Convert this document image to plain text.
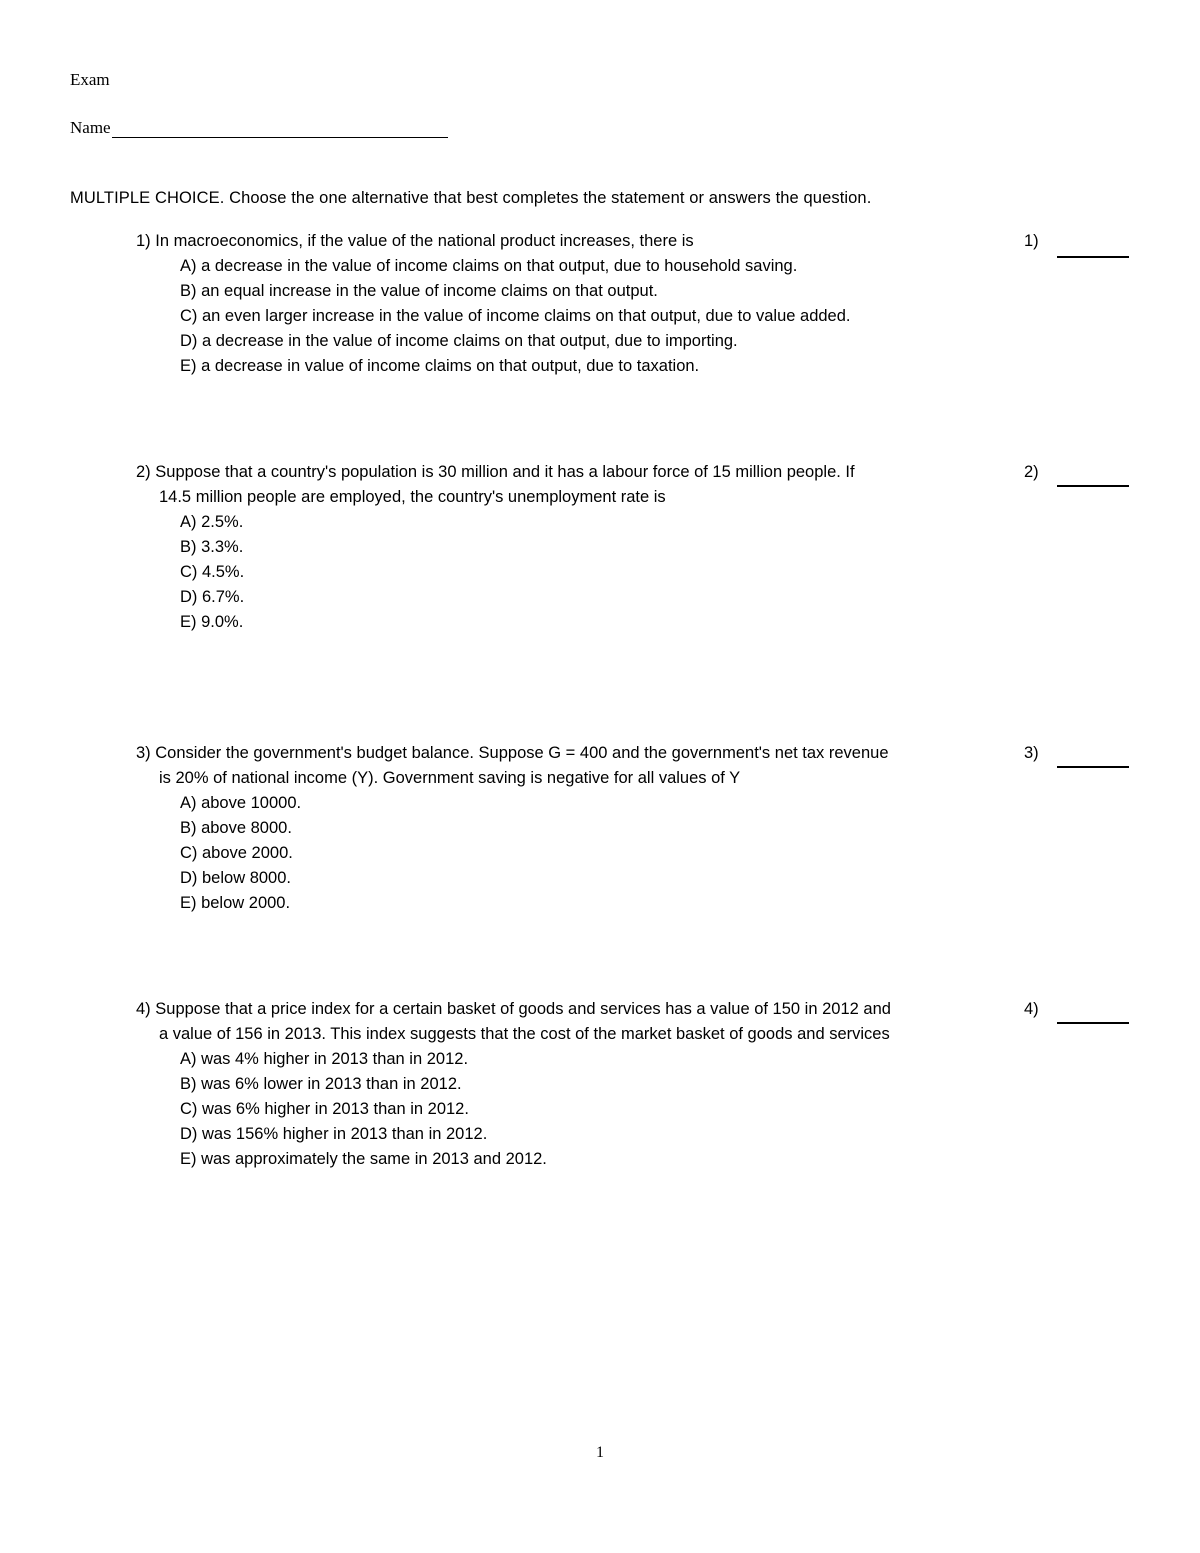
Exam
Name
MULTIPLE CHOICE. Choose the one alternative that best completes the statement or answers the question.
1) In macroeconomics, if the value of the national product increases, there is
A) a decrease in the value of income claims on that output, due to household saving.
B) an equal increase in the value of income claims on that output.
C) an even larger increase in the value of income claims on that output, due to value added.
D) a decrease in the value of income claims on that output, due to importing.
E) a decrease in value of income claims on that output, due to taxation.
1)
2) Suppose that a country's population is 30 million and it has a labour force of 15 million people. If
14.5 million people are employed, the country's unemployment rate is
A) 2.5%.
B) 3.3%.
C) 4.5%.
D) 6.7%.
E) 9.0%.
2)
3) Consider the government's budget balance. Suppose G = 400 and the government's net tax revenue
is 20% of national income (Y). Government saving is negative for all values of Y
A) above 10000.
B) above 8000.
C) above 2000.
D) below 8000.
E) below 2000.
3)
4) Suppose that a price index for a certain basket of goods and services has a value of 150 in 2012 and
a value of 156 in 2013. This index suggests that the cost of the market basket of goods and services
A) was 4% higher in 2013 than in 2012.
B) was 6% lower in 2013 than in 2012.
C) was 6% higher in 2013 than in 2012.
D) was 156% higher in 2013 than in 2012.
E) was approximately the same in 2013 and 2012.
4)
1
